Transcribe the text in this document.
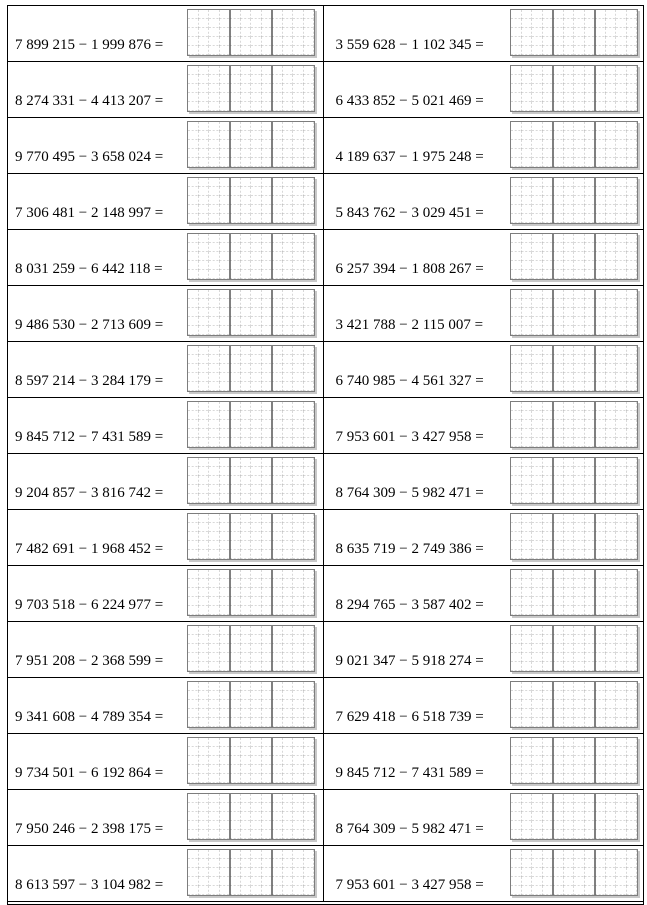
7 899 215 − 1 999 876 =	3 559 628 − 1 102 345 =
8 274 331 − 4 413 207 =	6 433 852 − 5 021 469 =
9 770 495 − 3 658 024 =	4 189 637 − 1 975 248 =
7 306 481 − 2 148 997 =	5 843 762 − 3 029 451 =
8 031 259 − 6 442 118 =	6 257 394 − 1 808 267 =
9 486 530 − 2 713 609 =	3 421 788 − 2 115 007 =
8 597 214 − 3 284 179 =	6 740 985 − 4 561 327 =
9 845 712 − 7 431 589 =	7 953 601 − 3 427 958 =
9 204 857 − 3 816 742 =	8 764 309 − 5 982 471 =
7 482 691 − 1 968 452 =	8 635 719 − 2 749 386 =
9 703 518 − 6 224 977 =	8 294 765 − 3 587 402 =
7 951 208 − 2 368 599 =	9 021 347 − 5 918 274 =
9 341 608 − 4 789 354 =	7 629 418 − 6 518 739 =
9 734 501 − 6 192 864 =	9 845 712 − 7 431 589 =
7 950 246 − 2 398 175 =	8 764 309 − 5 982 471 =
8 613 597 − 3 104 982 =	7 953 601 − 3 427 958 =
